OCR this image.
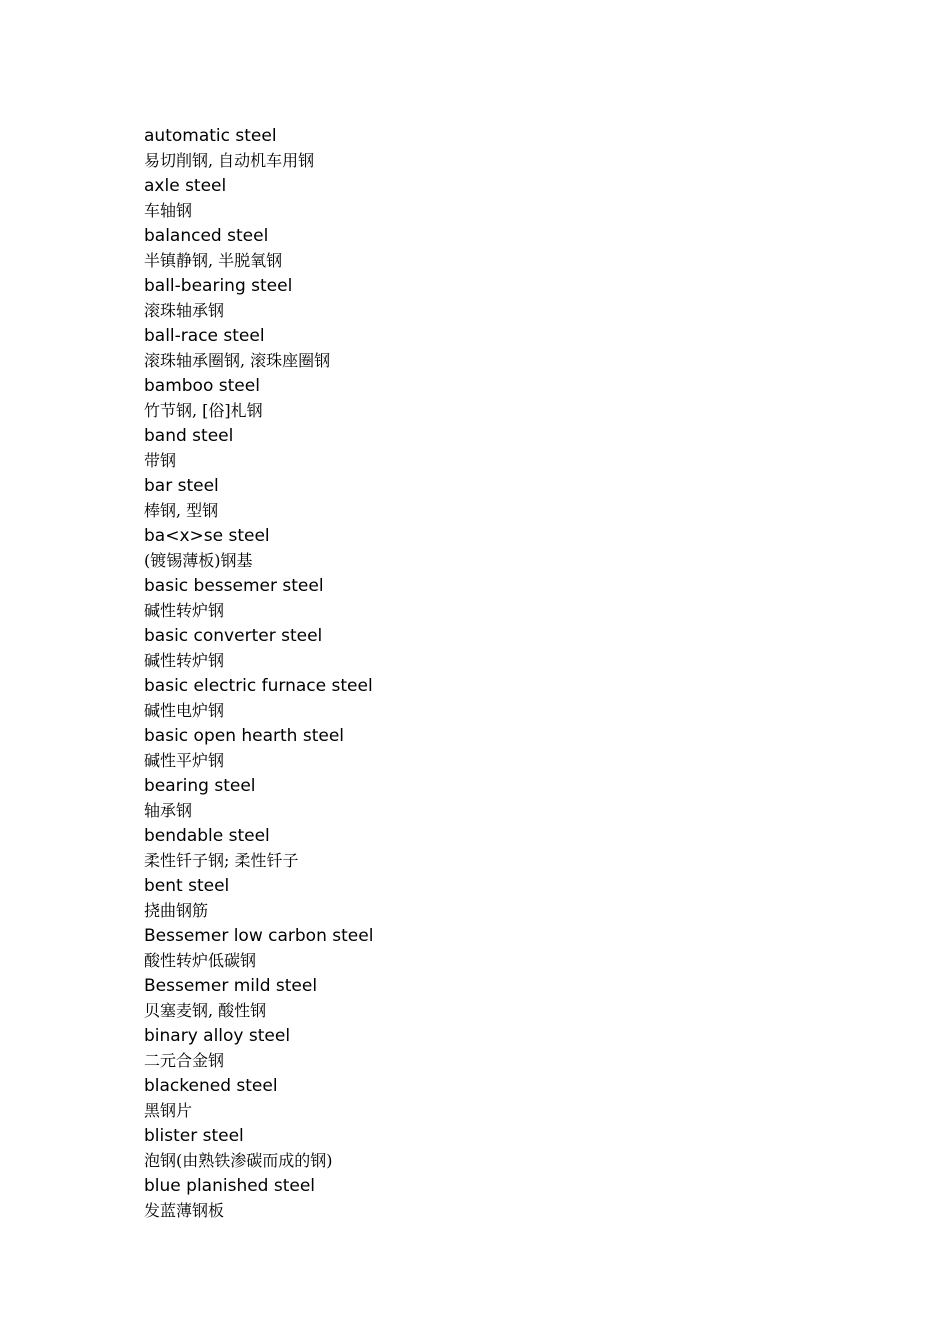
automatic steel
易切削钢, 自动机车用钢
axle steel
车轴钢
balanced steel
半镇静钢, 半脱氧钢
ball-bearing steel
滚珠轴承钢
ball-race steel
滚珠轴承圈钢, 滚珠座圈钢
bamboo steel
竹节钢, [俗]札钢
band steel
带钢
bar steel
棒钢, 型钢
ba<x>se steel
(镀锡薄板)钢基
basic bessemer steel
碱性转炉钢
basic converter steel
碱性转炉钢
basic electric furnace steel
碱性电炉钢
basic open hearth steel
碱性平炉钢
bearing steel
轴承钢
bendable steel
柔性钎子钢; 柔性钎子
bent steel
挠曲钢筋
Bessemer low carbon steel
酸性转炉低碳钢
Bessemer mild steel
贝塞麦钢, 酸性钢
binary alloy steel
二元合金钢
blackened steel
黑钢片
blister steel
泡钢(由熟铁渗碳而成的钢)
blue planished steel
发蓝薄钢板
